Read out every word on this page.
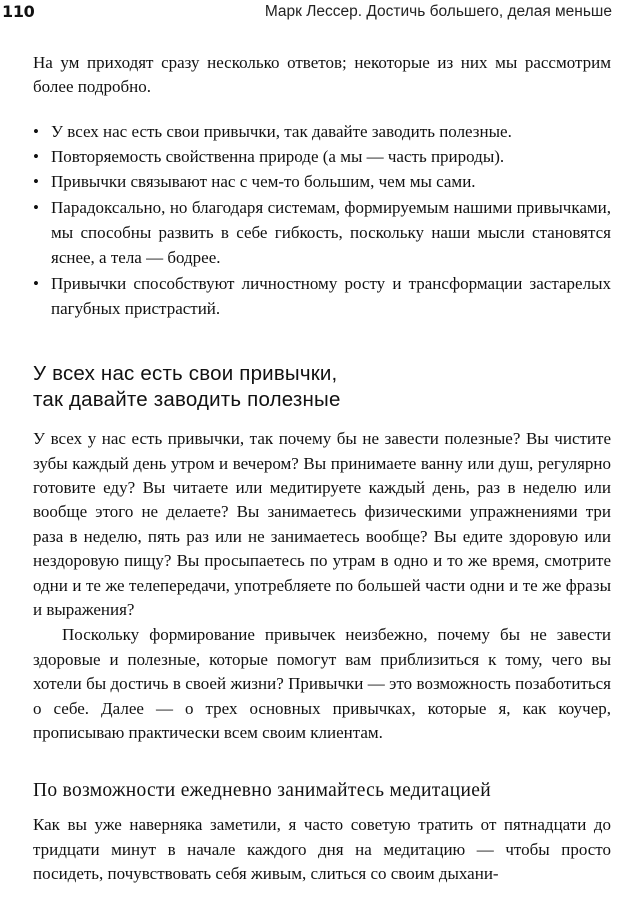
110	Марк Лессер. Достичь большего, делая меньше

На ум приходят сразу несколько ответов; некоторые из них мы рассмотрим более подробно.

• У всех нас есть свои привычки, так давайте заводить полезные.
• Повторяемость свойственна природе (а мы — часть природы).
• Привычки связывают нас с чем-то большим, чем мы сами.
• Парадоксально, но благодаря системам, формируемым нашими привычками, мы способны развить в себе гибкость, поскольку наши мысли становятся яснее, а тела — бодрее.
• Привычки способствуют личностному росту и трансформации застарелых пагубных пристрастий.
У всех нас есть свои привычки,
так давайте заводить полезные

У всех у нас есть привычки, так почему бы не завести полезные? Вы чистите зубы каждый день утром и вечером? Вы принимаете ванну или душ, регулярно готовите еду? Вы читаете или медитируете каждый день, раз в неделю или вообще этого не делаете? Вы занимаетесь физическими упражнениями три раза в неделю, пять раз или не занимаетесь вообще? Вы едите здоровую или нездоровую пищу? Вы просыпаетесь по утрам в одно и то же время, смотрите одни и те же телепередачи, употребляете по большей части одни и те же фразы и выражения?

Поскольку формирование привычек неизбежно, почему бы не завести здоровые и полезные, которые помогут вам приблизиться к тому, чего вы хотели бы достичь в своей жизни? Привычки — это возможность позаботиться о себе. Далее — о трех основных привычках, которые я, как коучер, прописываю практически всем своим клиентам.

По возможности ежедневно занимайтесь медитацией

Как вы уже наверняка заметили, я часто советую тратить от пятнадцати до тридцати минут в начале каждого дня на медитацию — чтобы просто посидеть, почувствовать себя живым, слиться со своим дыхани-
